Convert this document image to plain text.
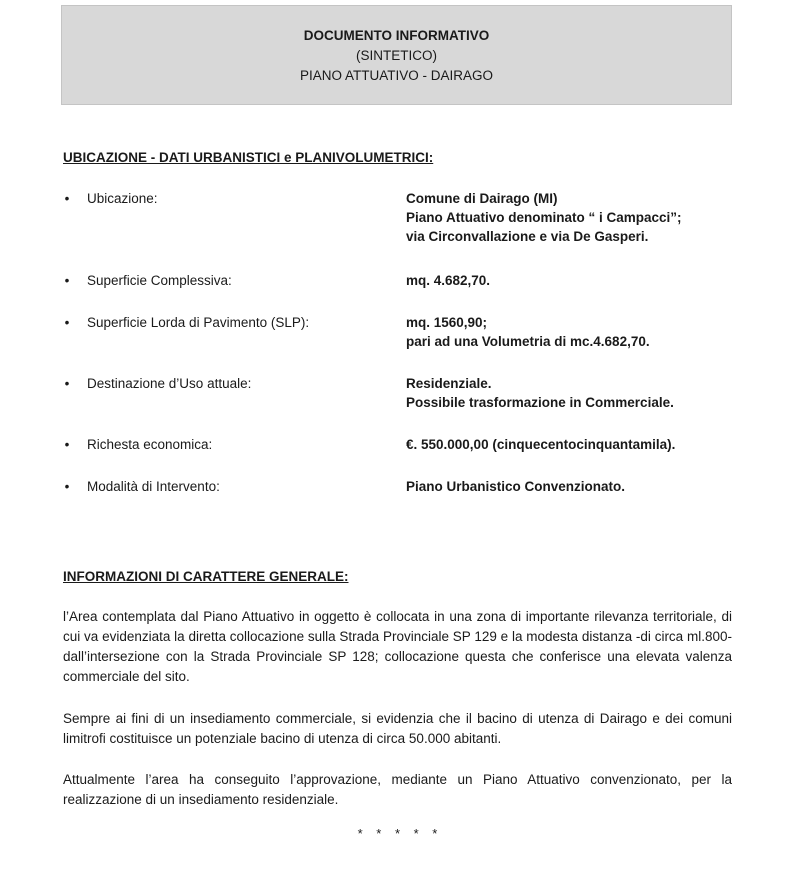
DOCUMENTO INFORMATIVO
(SINTETICO)
PIANO ATTUATIVO - DAIRAGO
UBICAZIONE - DATI URBANISTICI e PLANIVOLUMETRICI:
•	Ubicazione:	Comune di Dairago (MI)
Piano Attuativo denominato “ i Campacci”;
via Circonvallazione e via De Gasperi.
•	Superficie Complessiva:	mq. 4.682,70.
•	Superficie Lorda di Pavimento (SLP):	mq. 1560,90;
pari ad una Volumetria di mc.4.682,70.
•	Destinazione d’Uso attuale:	Residenziale.
Possibile trasformazione in Commerciale.
•	Richesta economica:	€. 550.000,00 (cinquecentocinquantamila).
•	Modalità di Intervento:	Piano Urbanistico Convenzionato.
INFORMAZIONI DI CARATTERE GENERALE:
l’Area contemplata dal Piano Attuativo in oggetto è collocata in una zona di importante rilevanza territoriale, di cui va evidenziata la diretta collocazione sulla Strada Provinciale SP 129 e la modesta distanza -di circa ml.800- dall’intersezione con la Strada Provinciale SP 128; collocazione questa che conferisce una elevata valenza commerciale del sito.
Sempre ai fini di un insediamento commerciale, si evidenzia che il bacino di utenza di Dairago e dei comuni limitrofi costituisce un potenziale bacino di utenza di circa 50.000 abitanti.
Attualmente l’area ha conseguito l’approvazione, mediante un Piano Attuativo convenzionato, per la realizzazione di un insediamento residenziale.
* * * * *
